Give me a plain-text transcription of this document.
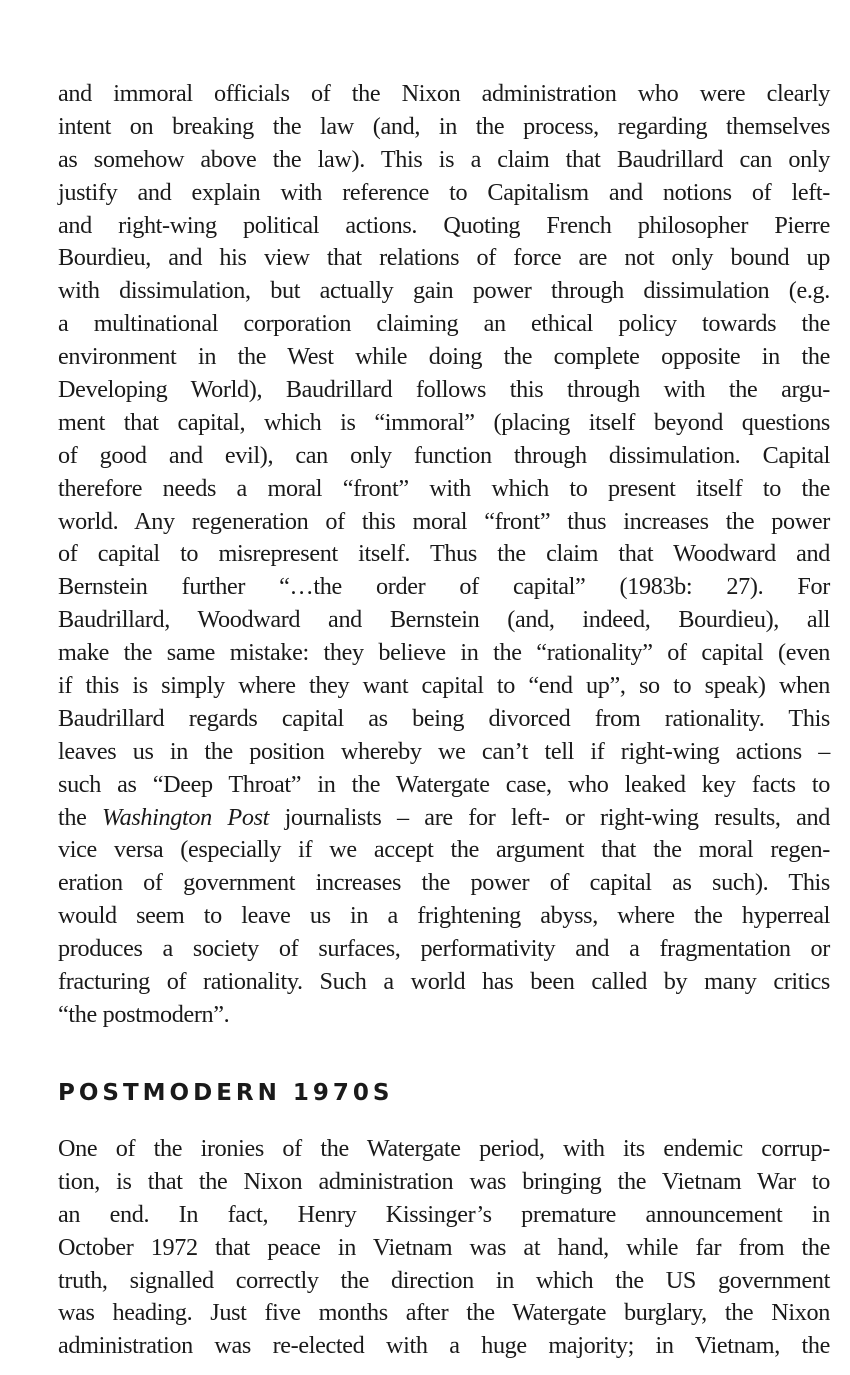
and immoral officials of the Nixon administration who were clearly
intent on breaking the law (and, in the process, regarding themselves
as somehow above the law). This is a claim that Baudrillard can only
justify and explain with reference to Capitalism and notions of left-
and right-wing political actions. Quoting French philosopher Pierre
Bourdieu, and his view that relations of force are not only bound up
with dissimulation, but actually gain power through dissimulation (e.g.
a multinational corporation claiming an ethical policy towards the
environment in the West while doing the complete opposite in the
Developing World), Baudrillard follows this through with the argu-
ment that capital, which is “immoral” (placing itself beyond questions
of good and evil), can only function through dissimulation. Capital
therefore needs a moral “front” with which to present itself to the
world. Any regeneration of this moral “front” thus increases the power
of capital to misrepresent itself. Thus the claim that Woodward and
Bernstein further “…the order of capital” (1983b: 27). For
Baudrillard, Woodward and Bernstein (and, indeed, Bourdieu), all
make the same mistake: they believe in the “rationality” of capital (even
if this is simply where they want capital to “end up”, so to speak) when
Baudrillard regards capital as being divorced from rationality. This
leaves us in the position whereby we can’t tell if right-wing actions –
such as “Deep Throat” in the Watergate case, who leaked key facts to
the Washington Post journalists – are for left- or right-wing results, and
vice versa (especially if we accept the argument that the moral regen-
eration of government increases the power of capital as such). This
would seem to leave us in a frightening abyss, where the hyperreal
produces a society of surfaces, performativity and a fragmentation or
fracturing of rationality. Such a world has been called by many critics
“the postmodern”.
POSTMODERN 1970S
One of the ironies of the Watergate period, with its endemic corrup-
tion, is that the Nixon administration was bringing the Vietnam War to
an end. In fact, Henry Kissinger’s premature announcement in
October 1972 that peace in Vietnam was at hand, while far from the
truth, signalled correctly the direction in which the US government
was heading. Just five months after the Watergate burglary, the Nixon
administration was re-elected with a huge majority; in Vietnam, the
